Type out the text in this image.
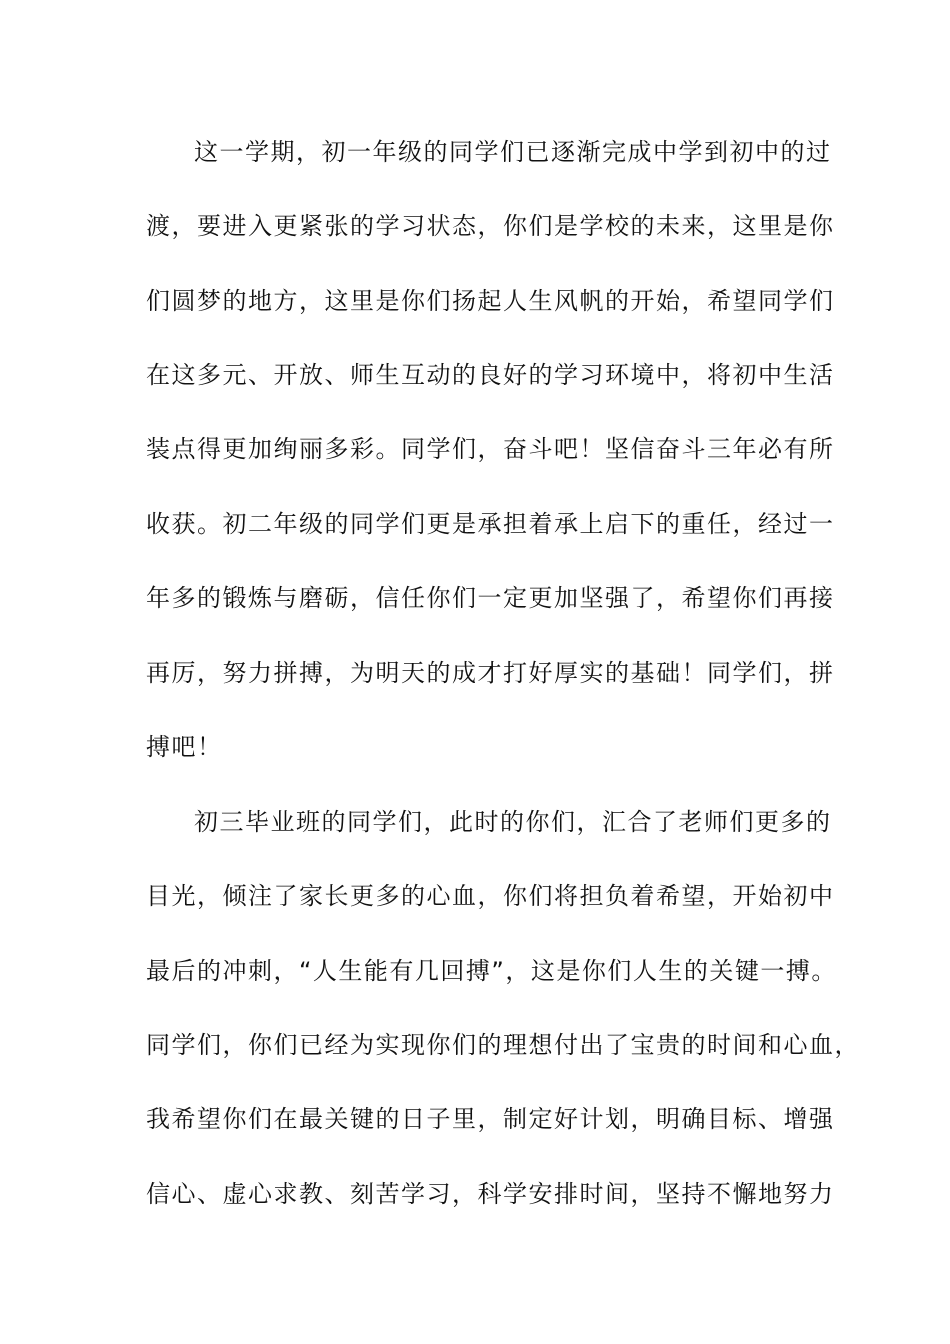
这一学期，初一年级的同学们已逐渐完成中学到初中的过
渡，要进入更紧张的学习状态，你们是学校的未来，这里是你
们圆梦的地方，这里是你们扬起人生风帆的开始，希望同学们
在这多元、开放、师生互动的良好的学习环境中，将初中生活
装点得更加绚丽多彩。同学们，奋斗吧！坚信奋斗三年必有所
收获。初二年级的同学们更是承担着承上启下的重任，经过一
年多的锻炼与磨砺，信任你们一定更加坚强了，希望你们再接
再厉，努力拼搏，为明天的成才打好厚实的基础！同学们，拼
搏吧！
初三毕业班的同学们，此时的你们，汇合了老师们更多的
目光，倾注了家长更多的心血，你们将担负着希望，开始初中
最后的冲刺，“人生能有几回搏”，这是你们人生的关键一搏。
同学们，你们已经为实现你们的理想付出了宝贵的时间和心血，
我希望你们在最关键的日子里，制定好计划，明确目标、增强
信心、虚心求教、刻苦学习，科学安排时间，坚持不懈地努力
